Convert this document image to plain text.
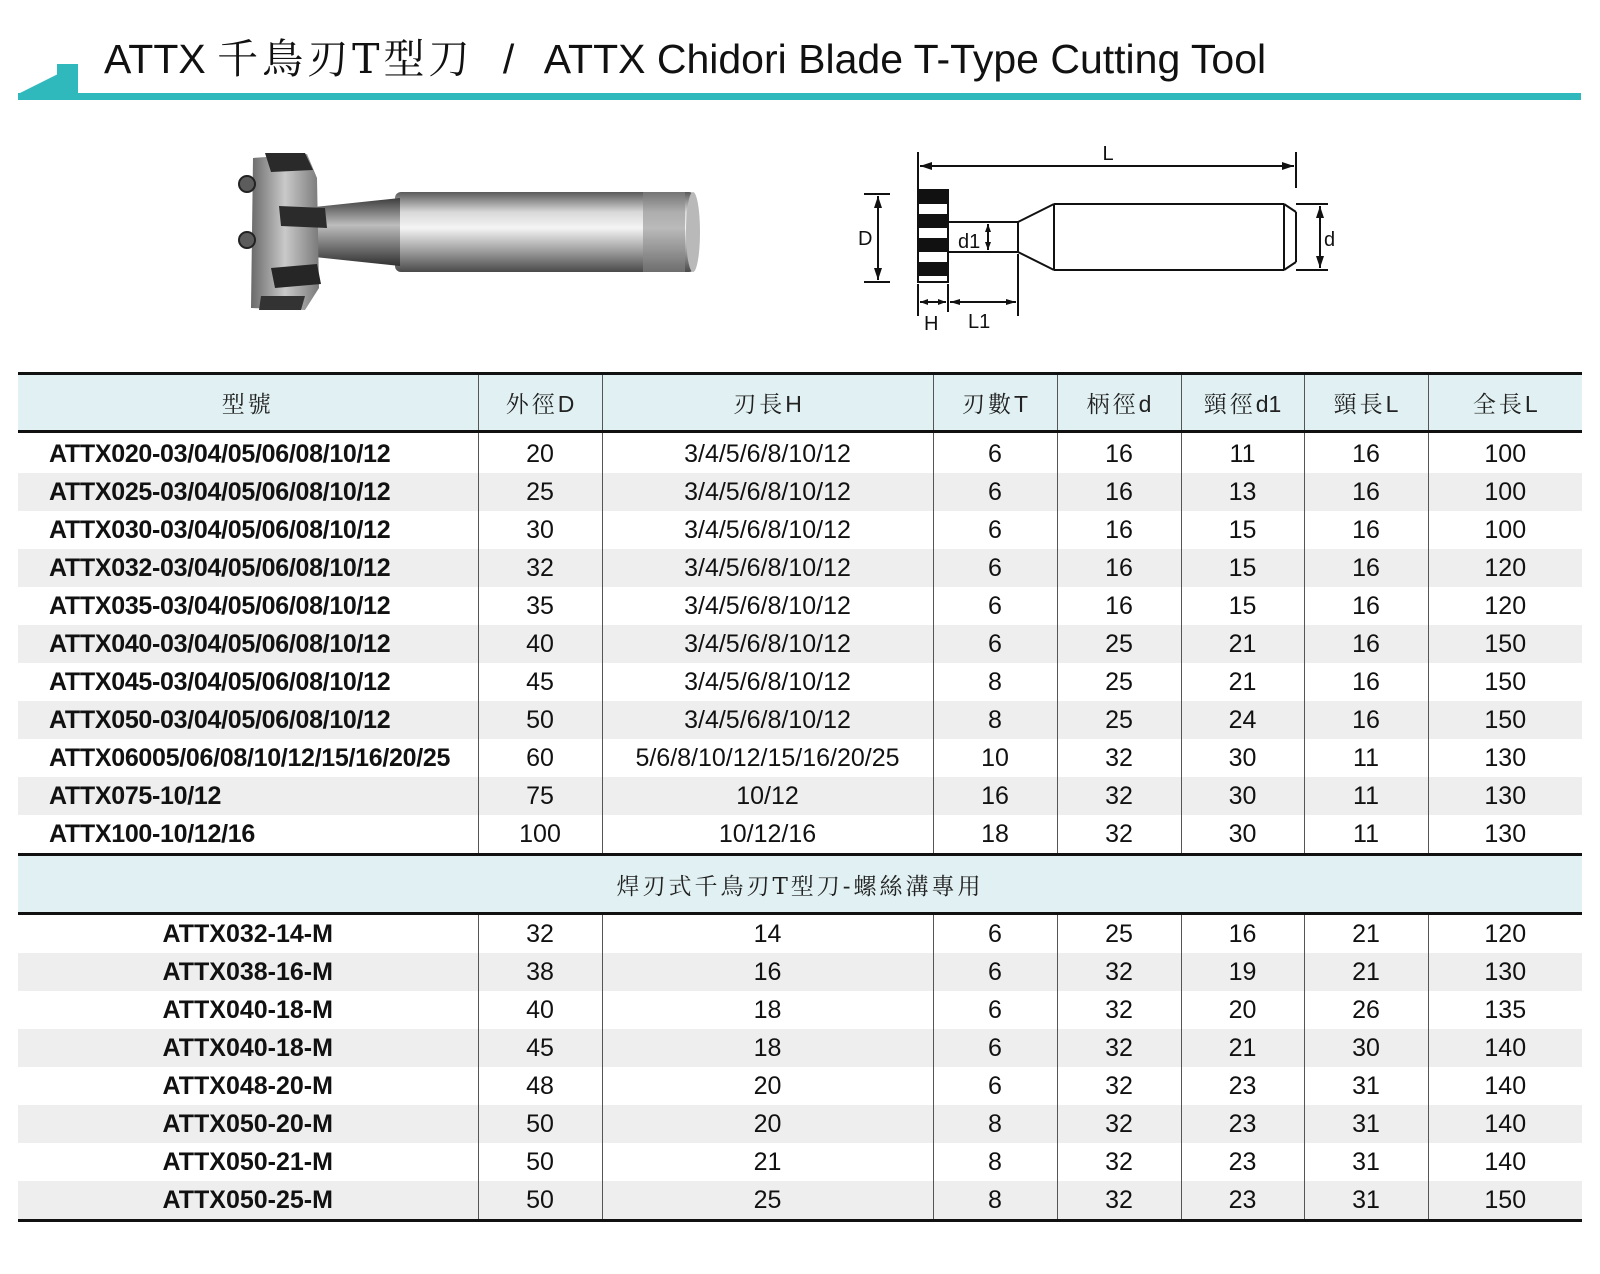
ATTX 千鳥刃T型刀 / ATTX Chidori Blade T-Type Cutting Tool
L
D	d1	d
H L1
型號	外徑D	刃長H	刃數T	柄徑d	頸徑d1	頸長L	全長L
ATTX020-03/04/05/06/08/10/12	20	3/4/5/6/8/10/12	6	16	11	16	100
ATTX025-03/04/05/06/08/10/12	25	3/4/5/6/8/10/12	6	16	13	16	100
ATTX030-03/04/05/06/08/10/12	30	3/4/5/6/8/10/12	6	16	15	16	100
ATTX032-03/04/05/06/08/10/12	32	3/4/5/6/8/10/12	6	16	15	16	120
ATTX035-03/04/05/06/08/10/12	35	3/4/5/6/8/10/12	6	16	15	16	120
ATTX040-03/04/05/06/08/10/12	40	3/4/5/6/8/10/12	6	25	21	16	150
ATTX045-03/04/05/06/08/10/12	45	3/4/5/6/8/10/12	8	25	21	16	150
ATTX050-03/04/05/06/08/10/12	50	3/4/5/6/8/10/12	8	25	24	16	150
ATTX06005/06/08/10/12/15/16/20/25	60	5/6/8/10/12/15/16/20/25	10	32	30	11	130
ATTX075-10/12	75	10/12	16	32	30	11	130
ATTX100-10/12/16	100	10/12/16	18	32	30	11	130
焊刃式千鳥刃T型刀-螺絲溝專用							
ATTX032-14-M	32	14	6	25	16	21	120
ATTX038-16-M	38	16	6	32	19	21	130
ATTX040-18-M	40	18	6	32	20	26	135
ATTX040-18-M	45	18	6	32	21	30	140
ATTX048-20-M	48	20	6	32	23	31	140
ATTX050-20-M	50	20	8	32	23	31	140
ATTX050-21-M	50	21	8	32	23	31	140
ATTX050-25-M	50	25	8	32	23	31	150
